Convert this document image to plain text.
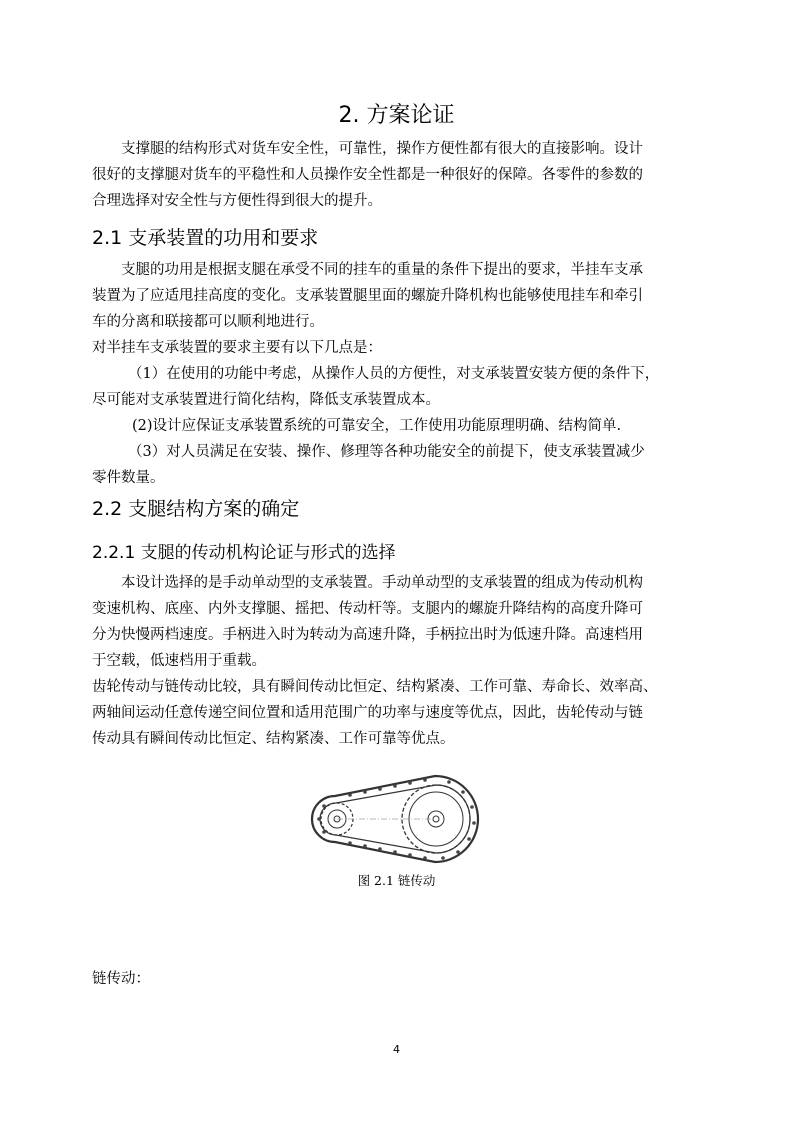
2. 方案论证

支撑腿的结构形式对货车安全性，可靠性，操作方便性都有很大的直接影响。设计
很好的支撑腿对货车的平稳性和人员操作安全性都是一种很好的保障。各零件的参数的
合理选择对安全性与方便性得到很大的提升。

2.1 支承装置的功用和要求

支腿的功用是根据支腿在承受不同的挂车的重量的条件下提出的要求，半挂车支承
装置为了应适甩挂高度的变化。支承装置腿里面的螺旋升降机构也能够使甩挂车和牵引
车的分离和联接都可以顺利地进行。
对半挂车支承装置的要求主要有以下几点是：
（1）在使用的功能中考虑，从操作人员的方便性，对支承装置安装方便的条件下，
尽可能对支承装置进行简化结构，降低支承装置成本。
(2)设计应保证支承装置系统的可靠安全，工作使用功能原理明确、结构简单.
（3）对人员满足在安装、操作、修理等各种功能安全的前提下，使支承装置减少
零件数量。

2.2 支腿结构方案的确定
2.2.1 支腿的传动机构论证与形式的选择

本设计选择的是手动单动型的支承装置。手动单动型的支承装置的组成为传动机构
变速机构、底座、内外支撑腿、摇把、传动杆等。支腿内的螺旋升降结构的高度升降可
分为快慢两档速度。手柄进入时为转动为高速升降，手柄拉出时为低速升降。高速档用
于空载，低速档用于重载。
齿轮传动与链传动比较，具有瞬间传动比恒定、结构紧凑、工作可靠、寿命长、效率高、
两轴间运动任意传递空间位置和适用范围广的功率与速度等优点，因此，齿轮传动与链
传动具有瞬间传动比恒定、结构紧凑、工作可靠等优点。

图 2.1 链传动

链传动：

4
